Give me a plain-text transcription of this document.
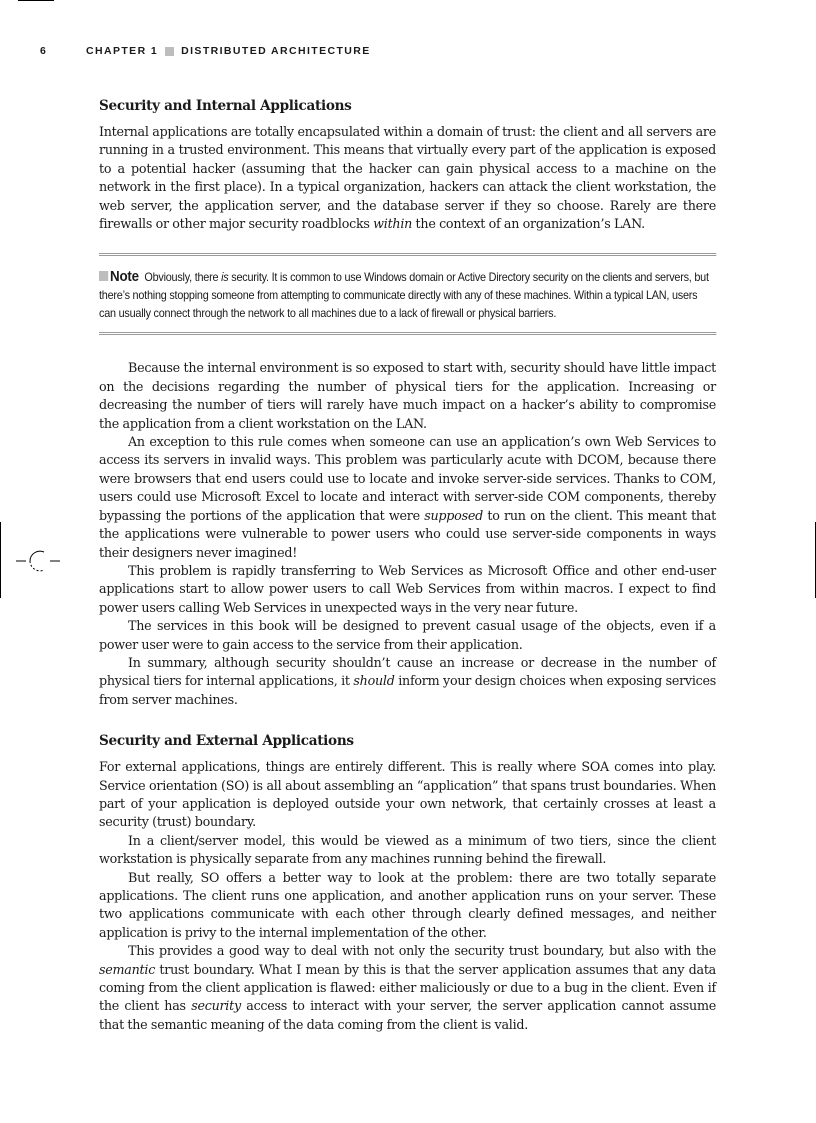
6	CHAPTER 1 DISTRIBUTED ARCHITECTURE
Security and Internal Applications

Internal applications are totally encapsulated within a domain of trust: the client and all servers are running in a trusted environment. This means that virtually every part of the application is exposed to a potential hacker (assuming that the hacker can gain physical access to a machine on the network in the first place). In a typical organization, hackers can attack the client workstation, the web server, the application server, and the database server if they so choose. Rarely are there firewalls or other major security roadblocks within the context of an organization’s LAN.

Note Obviously, there is security. It is common to use Windows domain or Active Directory security on the clients and servers, but there’s nothing stopping someone from attempting to communicate directly with any of these machines. Within a typical LAN, users can usually connect through the network to all machines due to a lack of firewall or physical barriers.

Because the internal environment is so exposed to start with, security should have little impact on the decisions regarding the number of physical tiers for the application. Increasing or decreasing the number of tiers will rarely have much impact on a hacker’s ability to compromise the application from a client workstation on the LAN.

An exception to this rule comes when someone can use an application’s own Web Services to access its servers in invalid ways. This problem was particularly acute with DCOM, because there were browsers that end users could use to locate and invoke server-side services. Thanks to COM, users could use Microsoft Excel to locate and interact with server-side COM components, thereby bypassing the portions of the application that were supposed to run on the client. This meant that the applications were vulnerable to power users who could use server-side components in ways their designers never imagined!

This problem is rapidly transferring to Web Services as Microsoft Office and other end-user applications start to allow power users to call Web Services from within macros. I expect to find power users calling Web Services in unexpected ways in the very near future.

The services in this book will be designed to prevent casual usage of the objects, even if a power user were to gain access to the service from their application.

In summary, although security shouldn’t cause an increase or decrease in the number of physical tiers for internal applications, it should inform your design choices when exposing services from server machines.

Security and External Applications

For external applications, things are entirely different. This is really where SOA comes into play. Service orientation (SO) is all about assembling an “application” that spans trust boundaries. When part of your application is deployed outside your own network, that certainly crosses at least a security (trust) boundary.

In a client/server model, this would be viewed as a minimum of two tiers, since the client workstation is physically separate from any machines running behind the firewall.

But really, SO offers a better way to look at the problem: there are two totally separate applications. The client runs one application, and another application runs on your server. These two applications communicate with each other through clearly defined messages, and neither application is privy to the internal implementation of the other.

This provides a good way to deal with not only the security trust boundary, but also with the semantic trust boundary. What I mean by this is that the server application assumes that any data coming from the client application is flawed: either maliciously or due to a bug in the client. Even if the client has security access to interact with your server, the server application cannot assume that the semantic meaning of the data coming from the client is valid.
